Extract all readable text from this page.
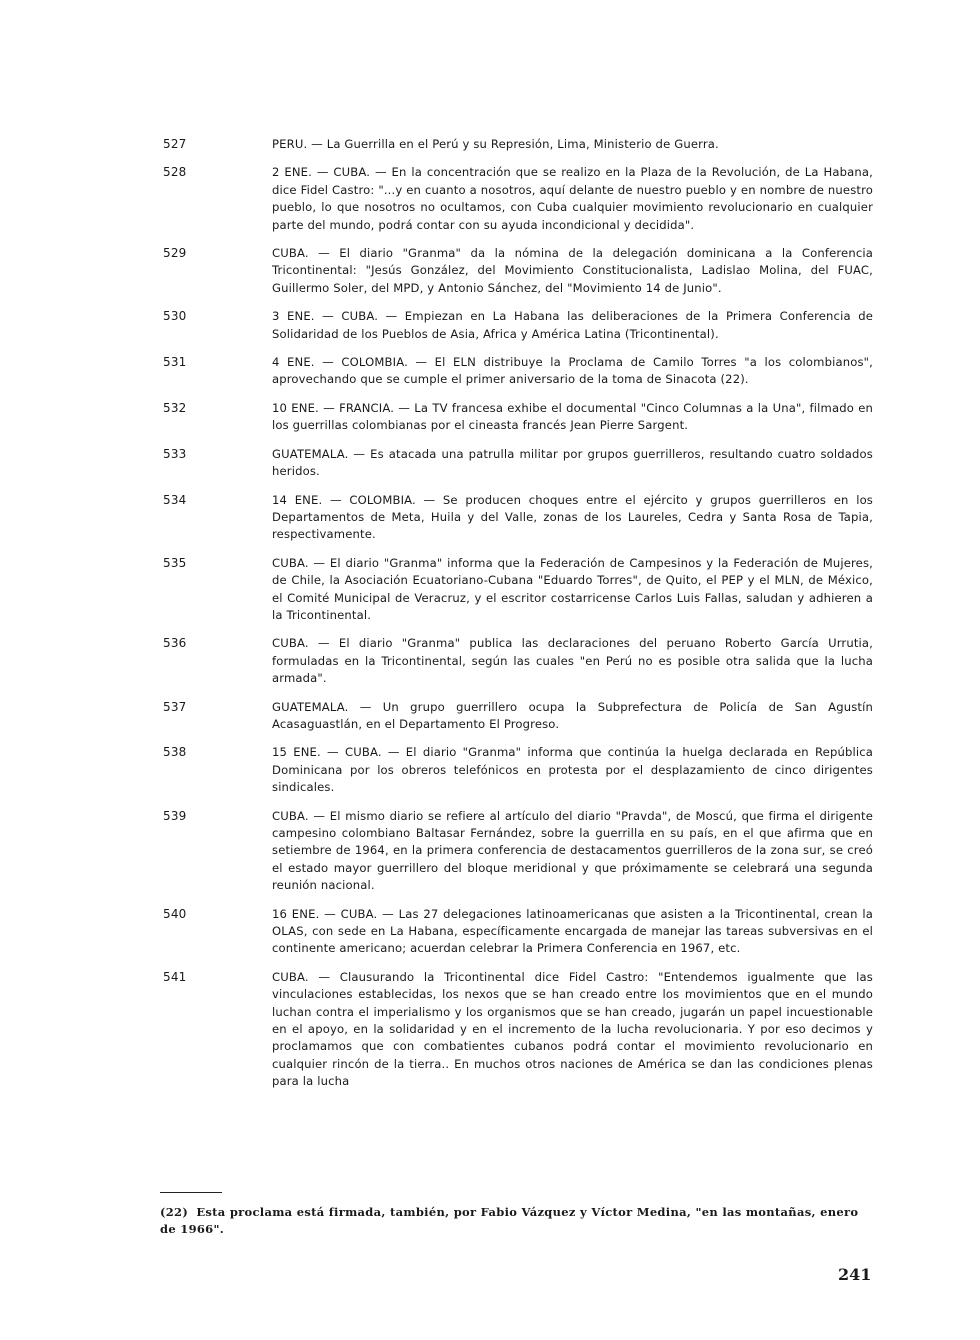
527	PERU. — La Guerrilla en el Perú y su Represión, Lima, Ministerio de Guerra.
528	2 ENE. — CUBA. — En la concentración que se realizo en la Plaza de la Revolución, de La Habana, dice Fidel Castro: "...y en cuanto a nosotros, aquí delante de nuestro pueblo y en nombre de nuestro pueblo, lo que nosotros no ocultamos, con Cuba cualquier movimiento revolucionario en cualquier parte del mundo, podrá contar con su ayuda incondicional y decidida".
529	CUBA. — El diario "Granma" da la nómina de la delegación dominicana a la Conferencia Tricontinental: "Jesús González, del Movimiento Constitucionalista, Ladislao Molina, del FUAC, Guillermo Soler, del MPD, y Antonio Sánchez, del "Movimiento 14 de Junio".
530	3 ENE. — CUBA. — Empiezan en La Habana las deliberaciones de la Primera Conferencia de Solidaridad de los Pueblos de Asia, Africa y América Latina (Tricontinental).
531	4 ENE. — COLOMBIA. — El ELN distribuye la Proclama de Camilo Torres "a los colombianos", aprovechando que se cumple el primer aniversario de la toma de Sinacota (22).
532	10 ENE. — FRANCIA. — La TV francesa exhibe el documental "Cinco Columnas a la Una", filmado en los guerrillas colombianas por el cineasta francés Jean Pierre Sargent.
533	GUATEMALA. — Es atacada una patrulla militar por grupos guerrilleros, resultando cuatro soldados heridos.
534	14 ENE. — COLOMBIA. — Se producen choques entre el ejército y grupos guerrilleros en los Departamentos de Meta, Huila y del Valle, zonas de los Laureles, Cedra y Santa Rosa de Tapia, respectivamente.
535	CUBA. — El diario "Granma" informa que la Federación de Campesinos y la Federación de Mujeres, de Chile, la Asociación Ecuatoriano-Cubana "Eduardo Torres", de Quito, el PEP y el MLN, de México, el Comité Municipal de Veracruz, y el escritor costarricense Carlos Luis Fallas, saludan y adhieren a la Tricontinental.
536	CUBA. — El diario "Granma" publica las declaraciones del peruano Roberto García Urrutia, formuladas en la Tricontinental, según las cuales "en Perú no es posible otra salida que la lucha armada".
537	GUATEMALA. — Un grupo guerrillero ocupa la Subprefectura de Policía de San Agustín Acasaguastlán, en el Departamento El Progreso.
538	15 ENE. — CUBA. — El diario "Granma" informa que continúa la huelga declarada en República Dominicana por los obreros telefónicos en protesta por el desplazamiento de cinco dirigentes sindicales.
539	CUBA. — El mismo diario se refiere al artículo del diario "Pravda", de Moscú, que firma el dirigente campesino colombiano Baltasar Fernández, sobre la guerrilla en su país, en el que afirma que en setiembre de 1964, en la primera conferencia de destacamentos guerrilleros de la zona sur, se creó el estado mayor guerrillero del bloque meridional y que próximamente se celebrará una segunda reunión nacional.
540	16 ENE. — CUBA. — Las 27 delegaciones latinoamericanas que asisten a la Tricontinental, crean la OLAS, con sede en La Habana, específicamente encargada de manejar las tareas subversivas en el continente americano; acuerdan celebrar la Primera Conferencia en 1967, etc.
541	CUBA. — Clausurando la Tricontinental dice Fidel Castro: "Entendemos igualmente que las vinculaciones establecidas, los nexos que se han creado entre los movimientos que en el mundo luchan contra el imperialismo y los organismos que se han creado, jugarán un papel incuestionable en el apoyo, en la solidaridad y en el incremento de la lucha revolucionaria. Y por eso decimos y proclamamos que con combatientes cubanos podrá contar el movimiento revolucionario en cualquier rincón de la tierra.. En muchos otros naciones de América se dan las condiciones plenas para la lucha
(22) Esta proclama está firmada, también, por Fabio Vázquez y Víctor Medina, "en las montañas, enero de 1966".
241
